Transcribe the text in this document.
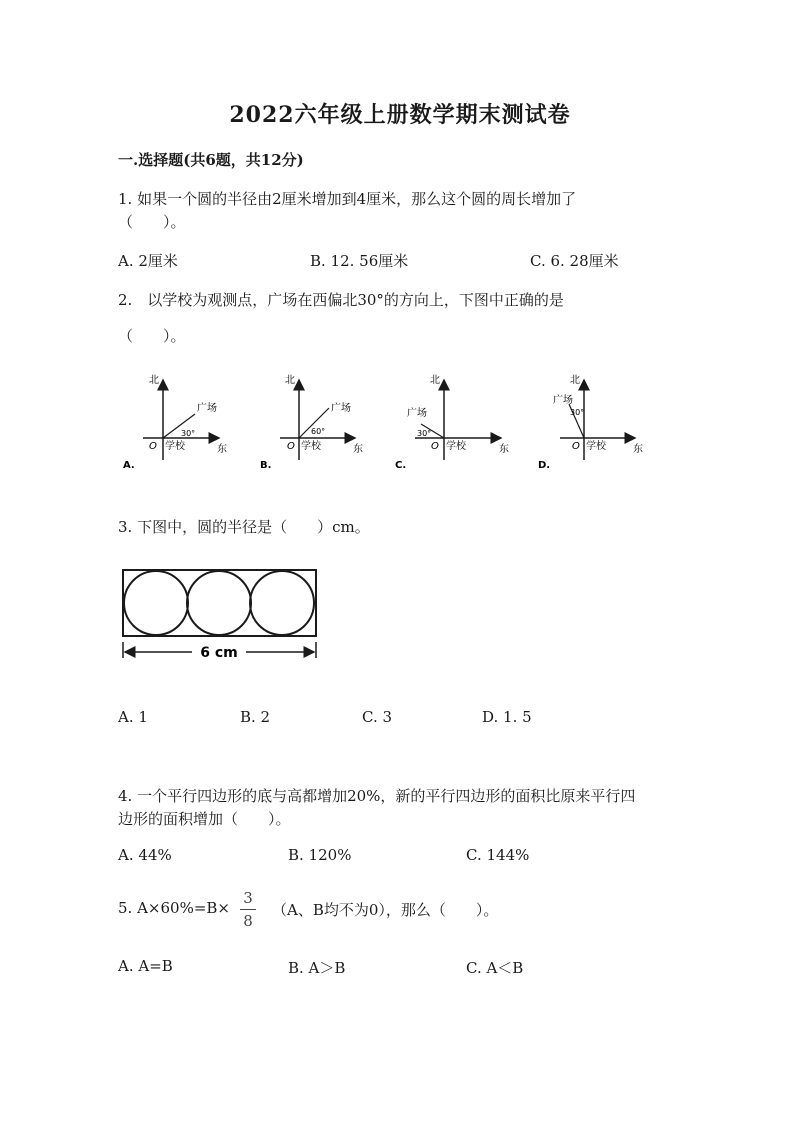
2022六年级上册数学期末测试卷
一.选择题(共6题，共12分)
1. 如果一个圆的半径由2厘米增加到4厘米，那么这个圆的周长增加了
（　　）。
A. 2厘米	B. 12. 56厘米	C. 6. 28厘米
2.　以学校为观测点，广场在西偏北30°的方向上，下图中正确的是
（　　）。
北
东
广场
30°
O 学校
A.
北
东
广场
60°
O 学校
B.
北
东
广场
30°
O 学校
C.
北
东
广场
30°
O 学校
D.
3. 下图中，圆的半径是（　　）cm。
6 cm
A. 1	B. 2	C. 3	D. 1. 5
4. 一个平行四边形的底与高都增加20%，新的平行四边形的面积比原来平行四
边形的面积增加（　　）。
A. 44%	B. 120%	C. 144%
5. A×60%=B×
3
8
（A、B均不为0），那么（　　）。
A. A=B	B. A＞B	C. A＜B
